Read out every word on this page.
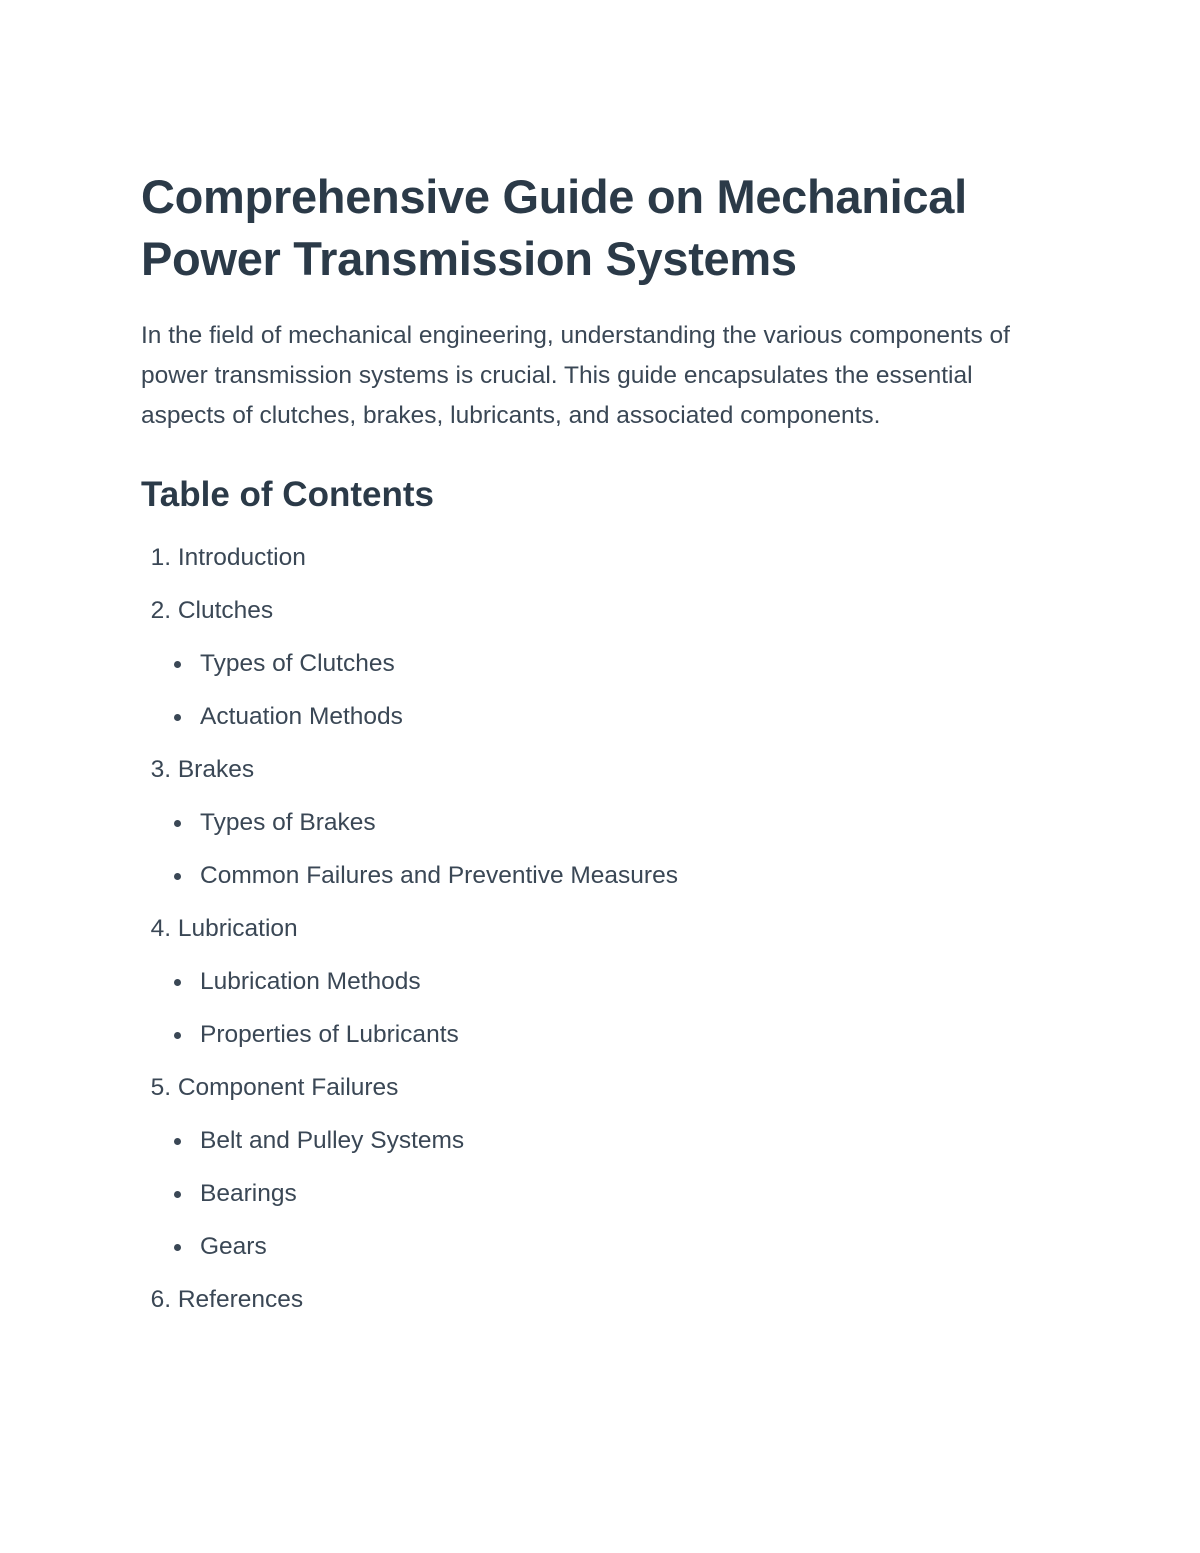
Comprehensive Guide on Mechanical
Power Transmission Systems

In the field of mechanical engineering, understanding the various components of power transmission systems is crucial. This guide encapsulates the essential aspects of clutches, brakes, lubricants, and associated components.

Table of Contents
1. Introduction
2. Clutches
Types of Clutches
Actuation Methods
3. Brakes
Types of Brakes
Common Failures and Preventive Measures
4. Lubrication
Lubrication Methods
Properties of Lubricants
5. Component Failures
Belt and Pulley Systems
Bearings
Gears
6. References
